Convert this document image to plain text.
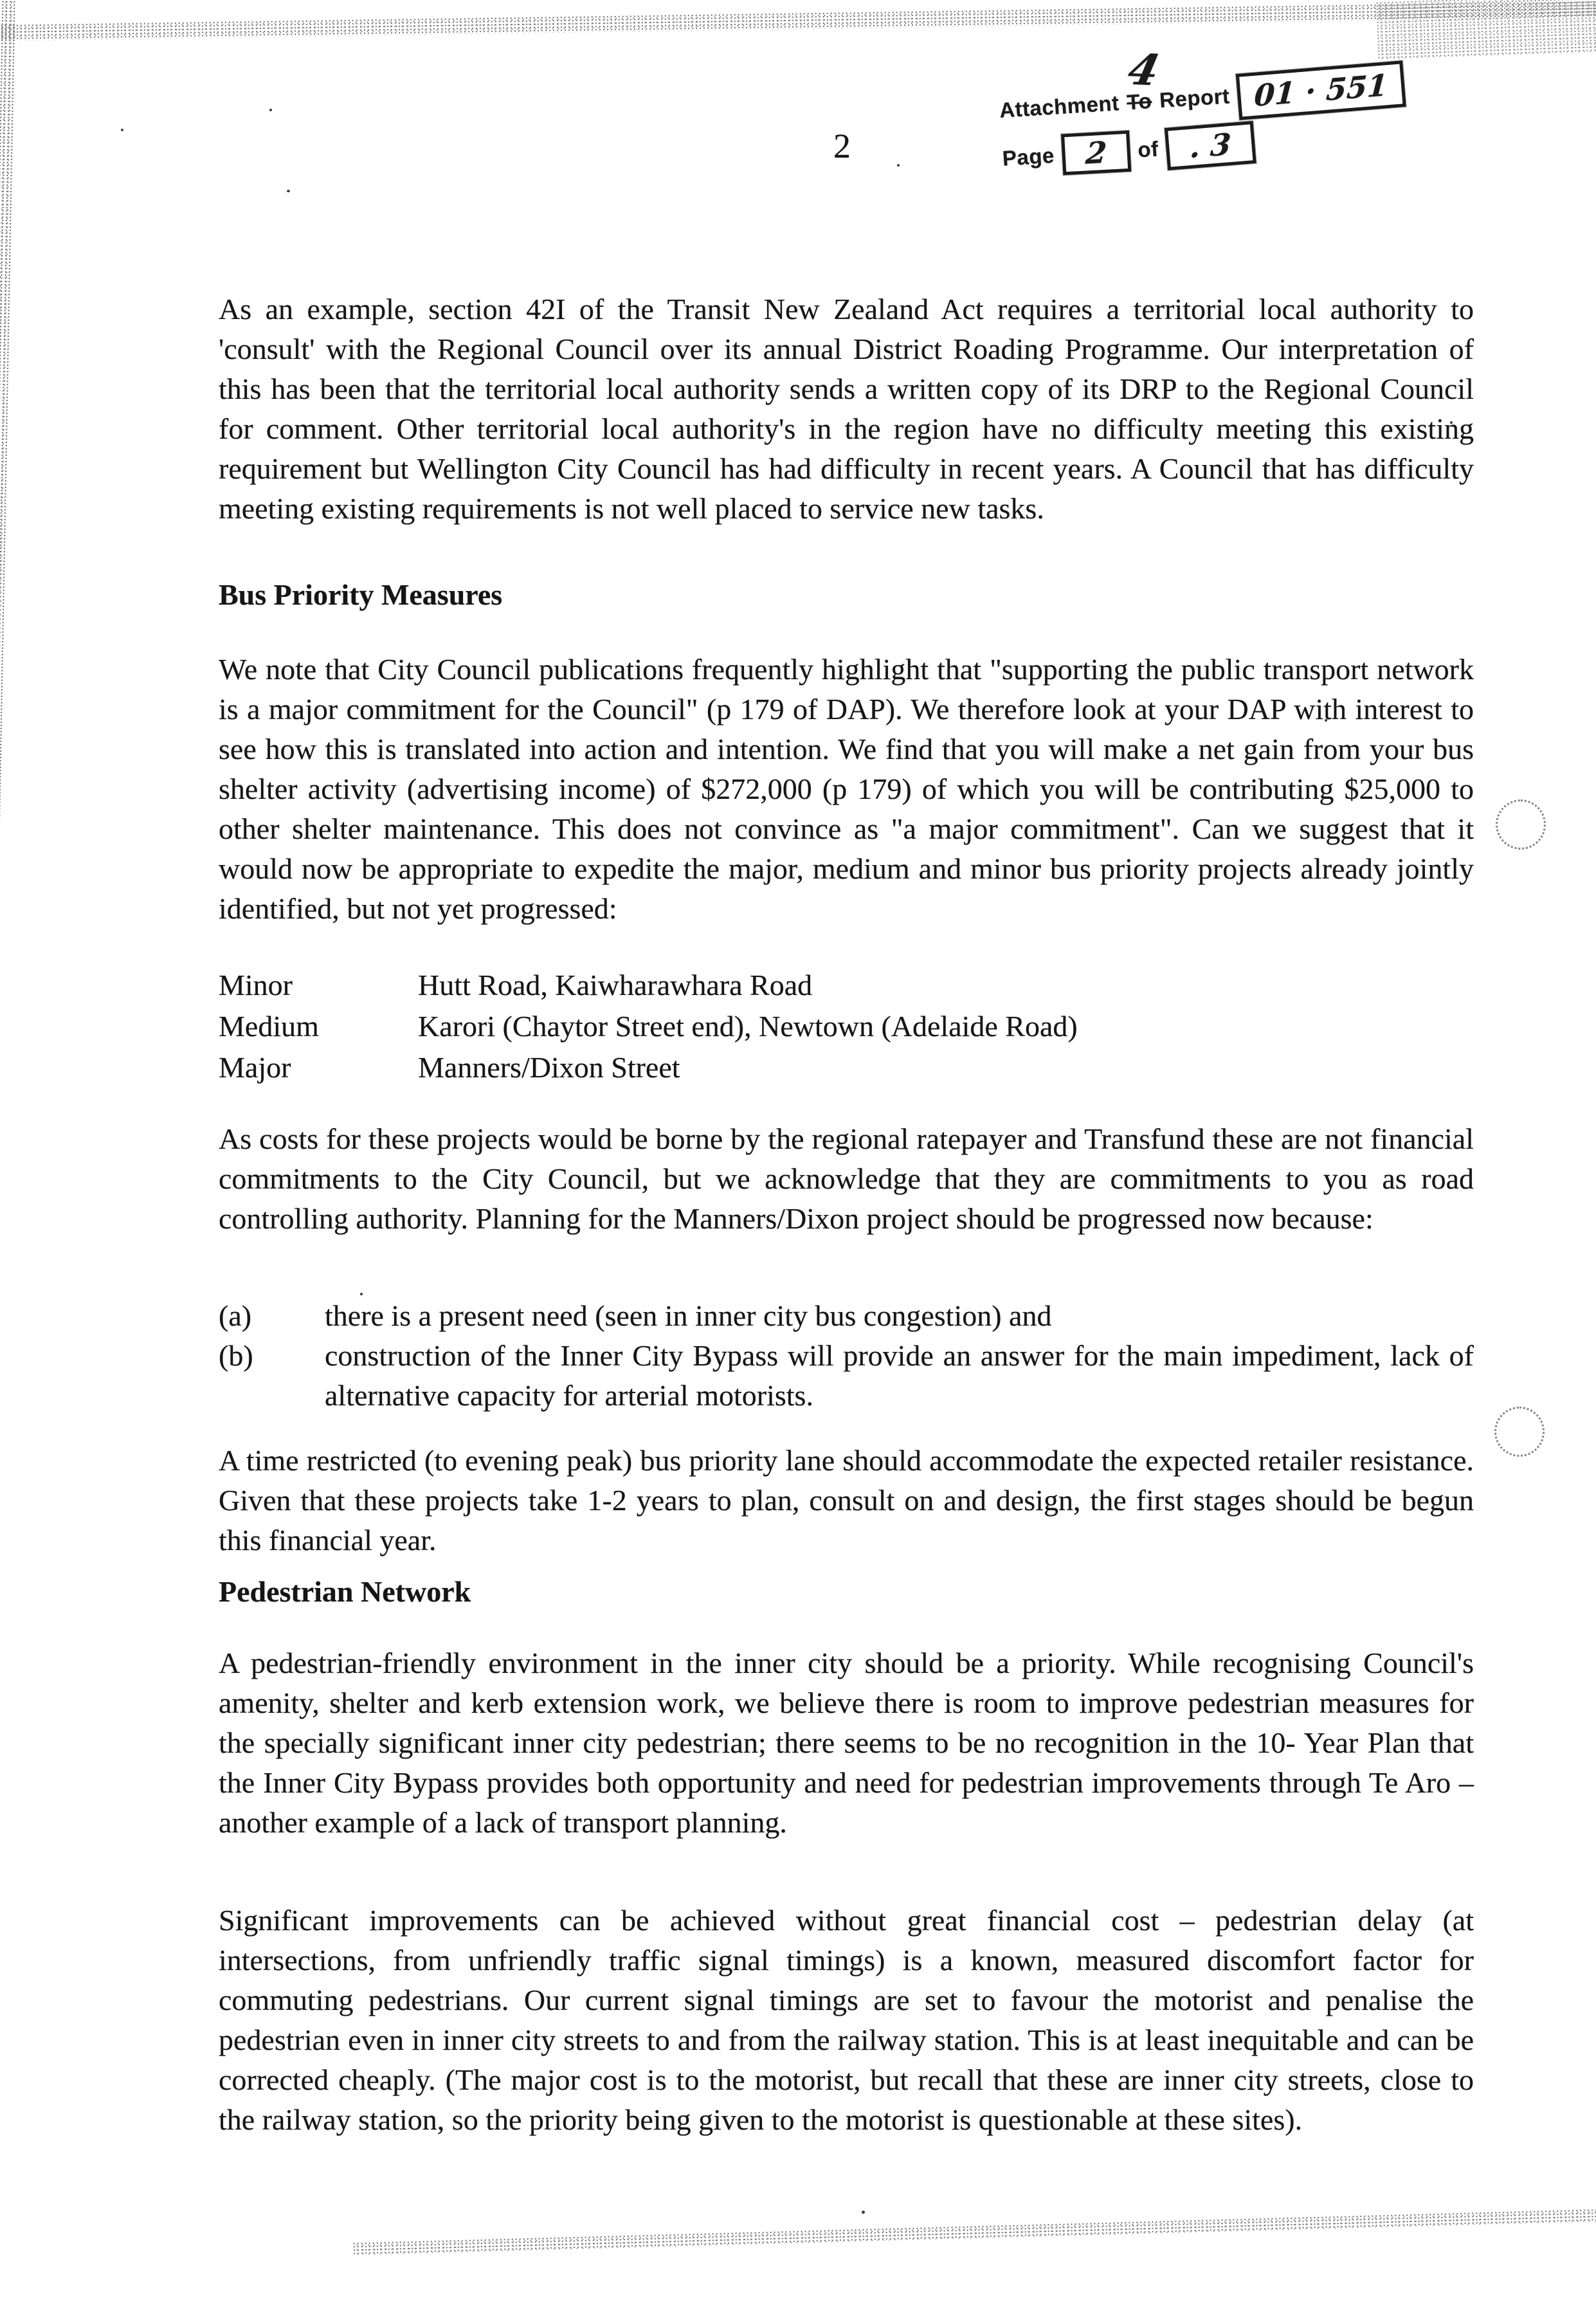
2
4
Attachment To Report 01 · 551
Page 2 of . 3

As an example, section 42I of the Transit New Zealand Act requires a territorial local authority to 'consult' with the Regional Council over its annual District Roading Programme. Our interpretation of this has been that the territorial local authority sends a written copy of its DRP to the Regional Council for comment. Other territorial local authority's in the region have no difficulty meeting this existing requirement but Wellington City Council has had difficulty in recent years. A Council that has difficulty meeting existing requirements is not well placed to service new tasks.

Bus Priority Measures

We note that City Council publications frequently highlight that "supporting the public transport network is a major commitment for the Council" (p 179 of DAP). We therefore look at your DAP with interest to see how this is translated into action and intention. We find that you will make a net gain from your bus shelter activity (advertising income) of $272,000 (p 179) of which you will be contributing $25,000 to other shelter maintenance. This does not convince as "a major commitment". Can we suggest that it would now be appropriate to expedite the major, medium and minor bus priority projects already jointly identified, but not yet progressed:

Minor	Hutt Road, Kaiwharawhara Road
Medium	Karori (Chaytor Street end), Newtown (Adelaide Road)
Major	Manners/Dixon Street

As costs for these projects would be borne by the regional ratepayer and Transfund these are not financial commitments to the City Council, but we acknowledge that they are commitments to you as road controlling authority. Planning for the Manners/Dixon project should be progressed now because:

(a)	there is a present need (seen in inner city bus congestion) and
(b)	construction of the Inner City Bypass will provide an answer for the main impediment, lack of alternative capacity for arterial motorists.

A time restricted (to evening peak) bus priority lane should accommodate the expected retailer resistance. Given that these projects take 1-2 years to plan, consult on and design, the first stages should be begun this financial year.

Pedestrian Network

A pedestrian-friendly environment in the inner city should be a priority. While recognising Council's amenity, shelter and kerb extension work, we believe there is room to improve pedestrian measures for the specially significant inner city pedestrian; there seems to be no recognition in the 10- Year Plan that the Inner City Bypass provides both opportunity and need for pedestrian improvements through Te Aro – another example of a lack of transport planning.

Significant improvements can be achieved without great financial cost – pedestrian delay (at intersections, from unfriendly traffic signal timings) is a known, measured discomfort factor for commuting pedestrians. Our current signal timings are set to favour the motorist and penalise the pedestrian even in inner city streets to and from the railway station. This is at least inequitable and can be corrected cheaply. (The major cost is to the motorist, but recall that these are inner city streets, close to the railway station, so the priority being given to the motorist is questionable at these sites).
